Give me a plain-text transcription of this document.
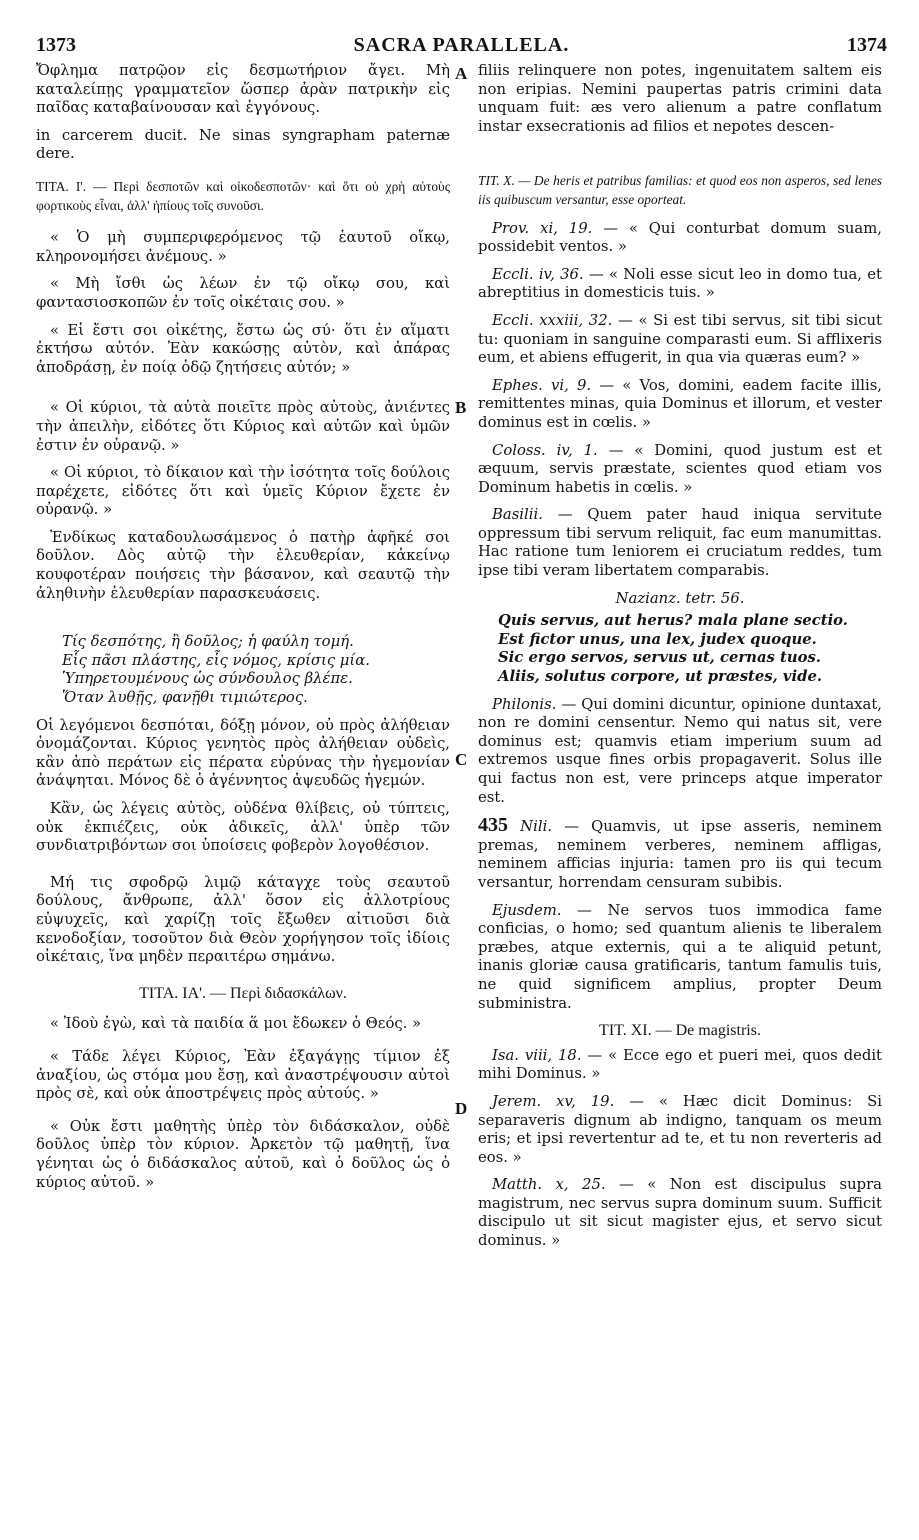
1373	SACRA PARALLELA.	1374
A
B
C
D

Ὄφλημα πατρῷον εἰς δεσμωτήριον ἄγει. Μὴ καταλείπῃς γραμματεῖον ὥσπερ ἀρὰν πατρικὴν εἰς παῖδας καταβαίνουσαν καὶ ἐγγόνους.

in carcerem ducit. Ne sinas syngrapham paternæ dere.

ΤΙΤΑ. Ι'. — Περὶ δεσποτῶν καὶ οἰκοδεσποτῶν· καὶ ὅτι οὐ χρὴ αὐτοὺς φορτικοὺς εἶναι, ἀλλ' ἠπίους τοῖς συνοῦσι.

« Ὁ μὴ συμπεριφερόμενος τῷ ἑαυτοῦ οἴκῳ, κληρονομήσει ἀνέμους. »

« Μὴ ἴσθι ὡς λέων ἐν τῷ οἴκῳ σου, καὶ φαντασιοσκοπῶν ἐν τοῖς οἰκέταις σου. »

« Εἰ ἔστι σοι οἰκέτης, ἔστω ὡς σύ· ὅτι ἐν αἵματι ἐκτήσω αὐτόν. Ἐὰν κακώσῃς αὐτὸν, καὶ ἀπάρας ἀποδράσῃ, ἐν ποίᾳ ὁδῷ ζητήσεις αὐτόν; »

« Οἱ κύριοι, τὰ αὐτὰ ποιεῖτε πρὸς αὐτοὺς, ἀνιέντες τὴν ἀπειλὴν, εἰδότες ὅτι Κύριος καὶ αὐτῶν καὶ ὑμῶν ἐστιν ἐν οὐρανῷ. »

« Οἱ κύριοι, τὸ δίκαιον καὶ τὴν ἰσότητα τοῖς δούλοις παρέχετε, εἰδότες ὅτι καὶ ὑμεῖς Κύριον ἔχετε ἐν οὐρανῷ. »

Ἐνδίκως καταδουλωσάμενος ὁ πατὴρ ἀφῆκέ σοι δοῦλον. Δὸς αὐτῷ τὴν ἐλευθερίαν, κἀκείνῳ κουφοτέραν ποιήσεις τὴν βάσανον, καὶ σεαυτῷ τὴν ἀληθινὴν ἐλευθερίαν παρασκευάσεις.

Τίς δεσπότης, ἢ δοῦλος; ἡ φαύλη τομή.
Εἷς πᾶσι πλάστης, εἷς νόμος, κρίσις μία.
Ὑπηρετουμένους ὡς σύνδουλος βλέπε.
Ὅταν λυθῇς, φανῇθι τιμιώτερος.

Οἱ λεγόμενοι δεσπόται, δόξῃ μόνον, οὐ πρὸς ἀλήθειαν ὀνομάζονται. Κύριος γενητὸς πρὸς ἀλήθειαν οὐδεὶς, κἂν ἀπὸ περάτων εἰς πέρατα εὐρύνας τὴν ἡγεμονίαν ἀνάψηται. Μόνος δὲ ὁ ἀγέννητος ἀψευδῶς ἡγεμών.

Κἂν, ὡς λέγεις αὐτὸς, οὐδένα θλίβεις, οὐ τύπτεις, οὐκ ἐκπιέζεις, οὐκ ἀδικεῖς, ἀλλ' ὑπὲρ τῶν συνδιατριβόντων σοι ὑποίσεις φοβερὸν λογοθέσιον.

Μή τις σφοδρῷ λιμῷ κάταγχε τοὺς σεαυτοῦ δούλους, ἄνθρωπε, ἀλλ' ὅσον εἰς ἀλλοτρίους εὐψυχεῖς, καὶ χαρίζῃ τοῖς ἔξωθεν αἰτιοῦσι διὰ κενοδοξίαν, τοσοῦτον διὰ Θεὸν χορήγησον τοῖς ἰδίοις οἰκέταις, ἵνα μηδὲν περαιτέρω σημάνω.

ΤΙΤΑ. ΙΑ'. — Περὶ διδασκάλων.

« Ἰδοὺ ἐγὼ, καὶ τὰ παιδία ἅ μοι ἔδωκεν ὁ Θεός. »

« Τάδε λέγει Κύριος, Ἐὰν ἐξαγάγῃς τίμιον ἐξ ἀναξίου, ὡς στόμα μου ἔσῃ, καὶ ἀναστρέψουσιν αὐτοὶ πρὸς σὲ, καὶ οὐκ ἀποστρέψεις πρὸς αὐτούς. »

« Οὐκ ἔστι μαθητὴς ὑπὲρ τὸν διδάσκαλον, οὐδὲ δοῦλος ὑπὲρ τὸν κύριον. Ἀρκετὸν τῷ μαθητῇ, ἵνα γένηται ὡς ὁ διδάσκαλος αὐτοῦ, καὶ ὁ δοῦλος ὡς ὁ κύριος αὐτοῦ. »

filiis relinquere non potes, ingenuitatem saltem eis non eripias. Nemini paupertas patris crimini data unquam fuit: æs vero alienum a patre conflatum instar exsecrationis ad filios et nepotes descen-

TIT. X. — De heris et patribus familias: et quod eos non asperos, sed lenes iis quibuscum versantur, esse oporteat.

Prov. xi, 19. — « Qui conturbat domum suam, possidebit ventos. »

Eccli. iv, 36. — « Noli esse sicut leo in domo tua, et abreptitius in domesticis tuis. »

Eccli. xxxiii, 32. — « Si est tibi servus, sit tibi sicut tu: quoniam in sanguine comparasti eum. Si afflixeris eum, et abiens effugerit, in qua via quæras eum? »

Ephes. vi, 9. — « Vos, domini, eadem facite illis, remittentes minas, quia Dominus et illorum, et vester dominus est in cœlis. »

Coloss. iv, 1. — « Domini, quod justum est et æquum, servis præstate, scientes quod etiam vos Dominum habetis in cœlis. »

Basilii. — Quem pater haud iniqua servitute oppressum tibi servum reliquit, fac eum manumittas. Hac ratione tum leniorem ei cruciatum reddes, tum ipse tibi veram libertatem comparabis.

Nazianz. tetr. 56.

Quis servus, aut herus? mala plane sectio.
Est fictor unus, una lex, judex quoque.
Sic ergo servos, servus ut, cernas tuos.
Aliis, solutus corpore, ut præstes, vide.

Philonis. — Qui domini dicuntur, opinione duntaxat, non re domini censentur. Nemo qui natus sit, vere dominus est; quamvis etiam imperium suum ad extremos usque fines orbis propagaverit. Solus ille qui factus non est, vere princeps atque imperator est.

435 Nili. — Quamvis, ut ipse asseris, neminem premas, neminem verberes, neminem affligas, neminem afficias injuria: tamen pro iis qui tecum versantur, horrendam censuram subibis.

Ejusdem. — Ne servos tuos immodica fame conficias, o homo; sed quantum alienis te liberalem præbes, atque externis, qui a te aliquid petunt, inanis gloriæ causa gratificaris, tantum famulis tuis, ne quid significem amplius, propter Deum subministra.

TIT. XI. — De magistris.

Isa. viii, 18. — « Ecce ego et pueri mei, quos dedit mihi Dominus. »

Jerem. xv, 19. — « Hæc dicit Dominus: Si separaveris dignum ab indigno, tanquam os meum eris; et ipsi revertentur ad te, et tu non reverteris ad eos. »

Matth. x, 25. — « Non est discipulus supra magistrum, nec servus supra dominum suum. Sufficit discipulo ut sit sicut magister ejus, et servo sicut dominus. »
